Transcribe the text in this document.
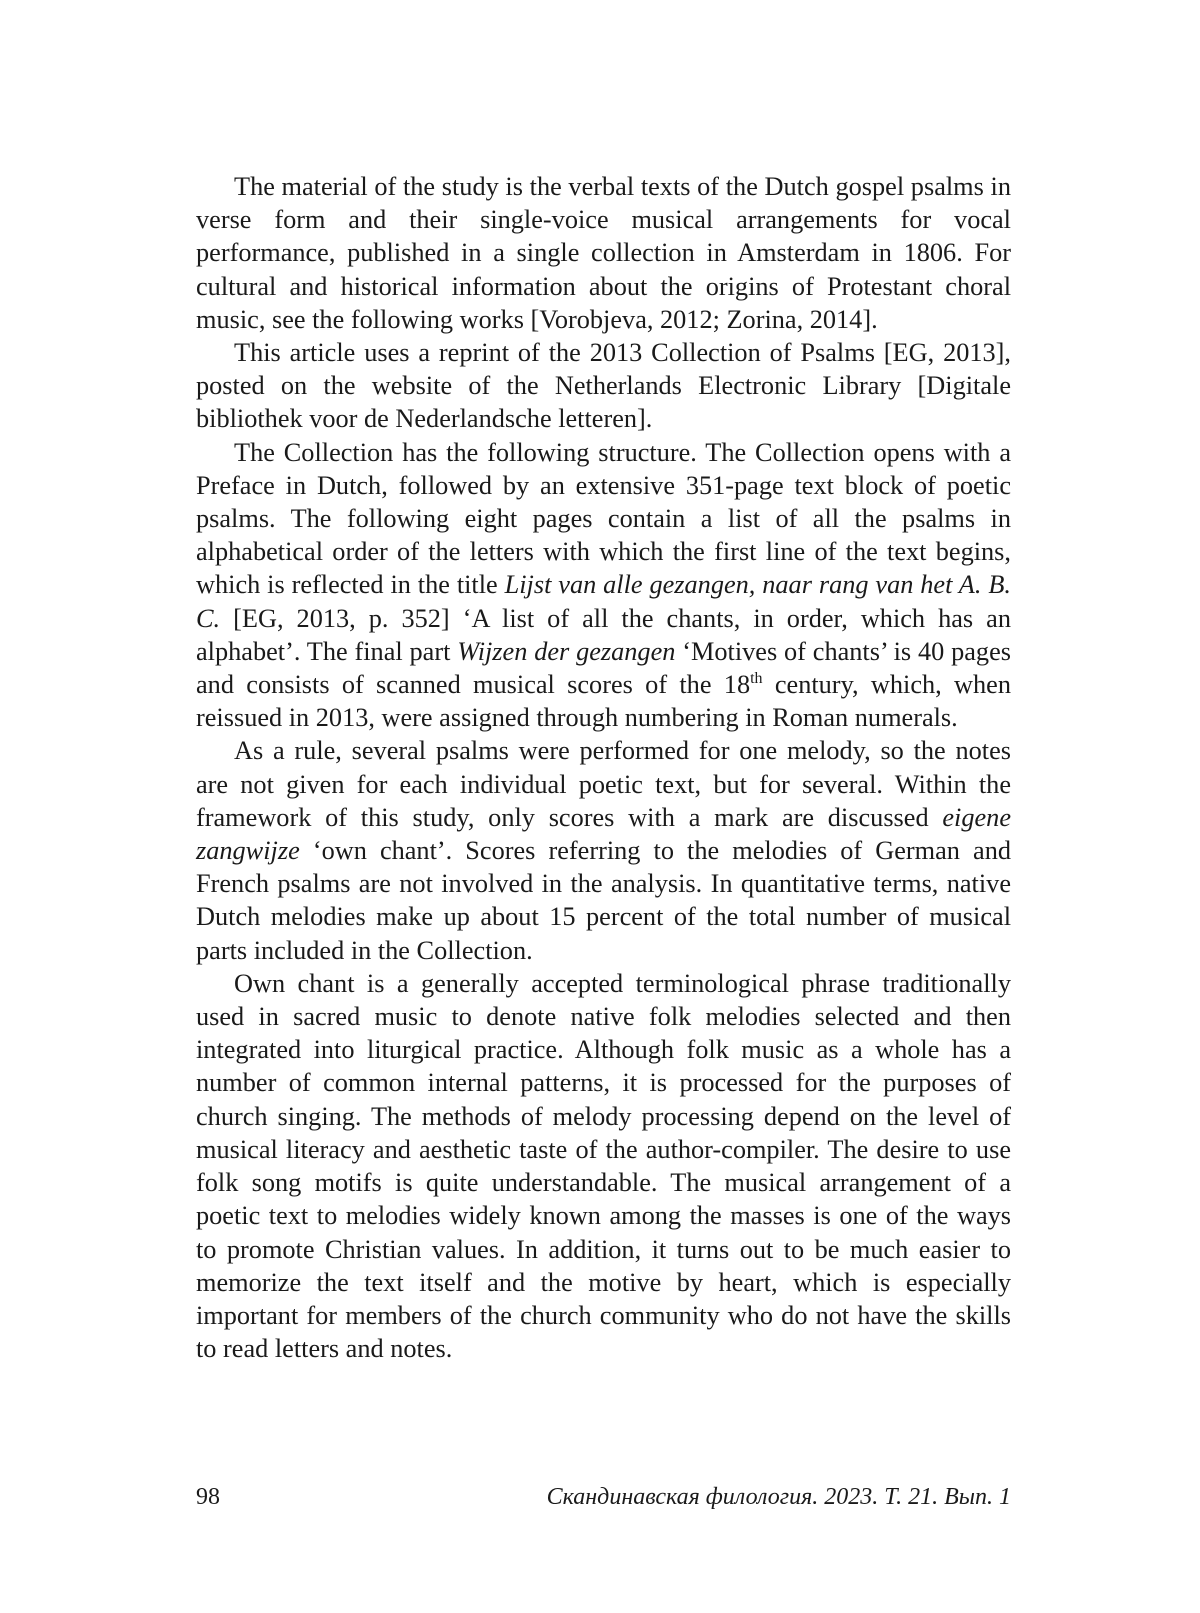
The material of the study is the verbal texts of the Dutch gospel psalms in verse form and their single-voice musical arrangements for vocal performance, published in a single collection in Amsterdam in 1806. For cultural and historical information about the origins of Protestant choral music, see the following works [Vorobjeva, 2012; Zorina, 2014].

This article uses a reprint of the 2013 Collection of Psalms [EG, 2013], posted on the website of the Netherlands Electronic Library [Digitale bibliothek voor de Nederlandsche letteren].

The Collection has the following structure. The Collection opens with a Preface in Dutch, followed by an extensive 351-page text block of poetic psalms. The following eight pages contain a list of all the psalms in alphabetical order of the letters with which the first line of the text begins, which is reflected in the title Lijst van alle gezangen, naar rang van het A. B. C. [EG, 2013, p. 352] ‘A list of all the chants, in order, which has an alphabet’. The final part Wijzen der gezangen ‘Motives of chants’ is 40 pages and consists of scanned musical scores of the 18th century, which, when reissued in 2013, were assigned through numbering in Roman numerals.

As a rule, several psalms were performed for one melody, so the notes are not given for each individual poetic text, but for several. Within the framework of this study, only scores with a mark are discussed eigene zangwijze ‘own chant’. Scores referring to the melodies of German and French psalms are not involved in the analysis. In quantitative terms, native Dutch melodies make up about 15 percent of the total number of musical parts included in the Collection.

Own chant is a generally accepted terminological phrase traditionally used in sacred music to denote native folk melodies selected and then integrated into liturgical practice. Although folk music as a whole has a number of common internal patterns, it is processed for the purposes of church singing. The methods of melody processing depend on the level of musical literacy and aesthetic taste of the author-compiler. The desire to use folk song motifs is quite understandable. The musical arrangement of a poetic text to melodies widely known among the masses is one of the ways to promote Christian values. In addition, it turns out to be much easier to memorize the text itself and the motive by heart, which is especially important for members of the church community who do not have the skills to read letters and notes.

98	Скандинавская филология. 2023. Т. 21. Вып. 1
